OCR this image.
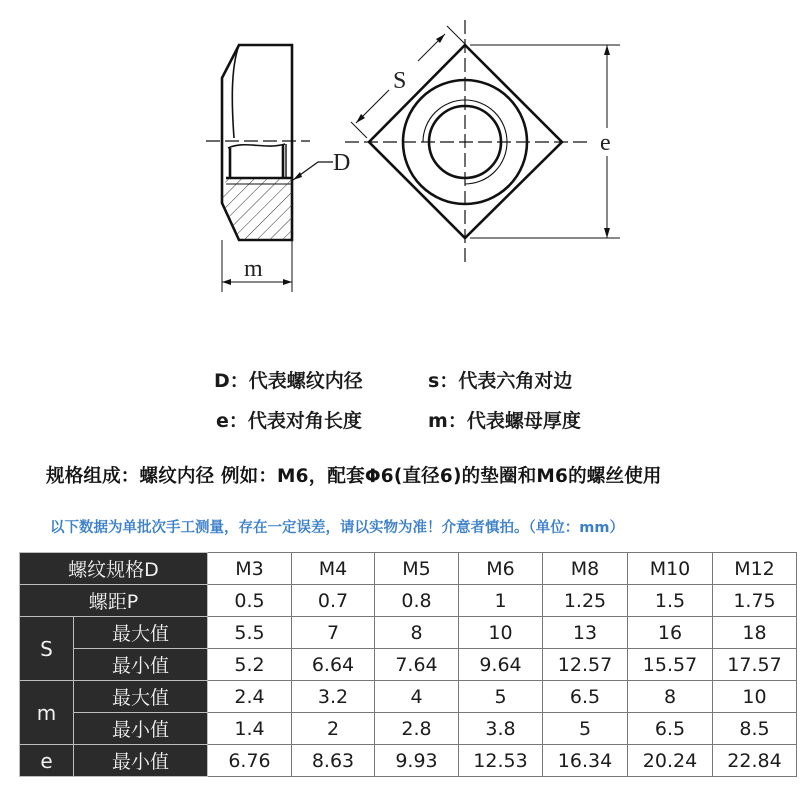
D
m
S
e
D：代表螺纹内径	s：代表六角对边
e：代表对角长度	m：代表螺母厚度
规格组成：螺纹内径 例如：M6，配套Φ6(直径6)的垫圈和M6的螺丝使用
以下数据为单批次手工测量，存在一定误差，请以实物为准！介意者慎拍。（单位：mm）
螺纹规格D		M3	M4	M5	M6	M8	M10	M12
螺距P		0.5	0.7	0.8	1	1.25	1.5	1.75
S	最大值	5.5	7	8	10	13	16	18
	最小值	5.2	6.64	7.64	9.64	12.57	15.57	17.57
m	最大值	2.4	3.2	4	5	6.5	8	10
	最小值	1.4	2	2.8	3.8	5	6.5	8.5
e	最小值	6.76	8.63	9.93	12.53	16.34	20.24	22.84
